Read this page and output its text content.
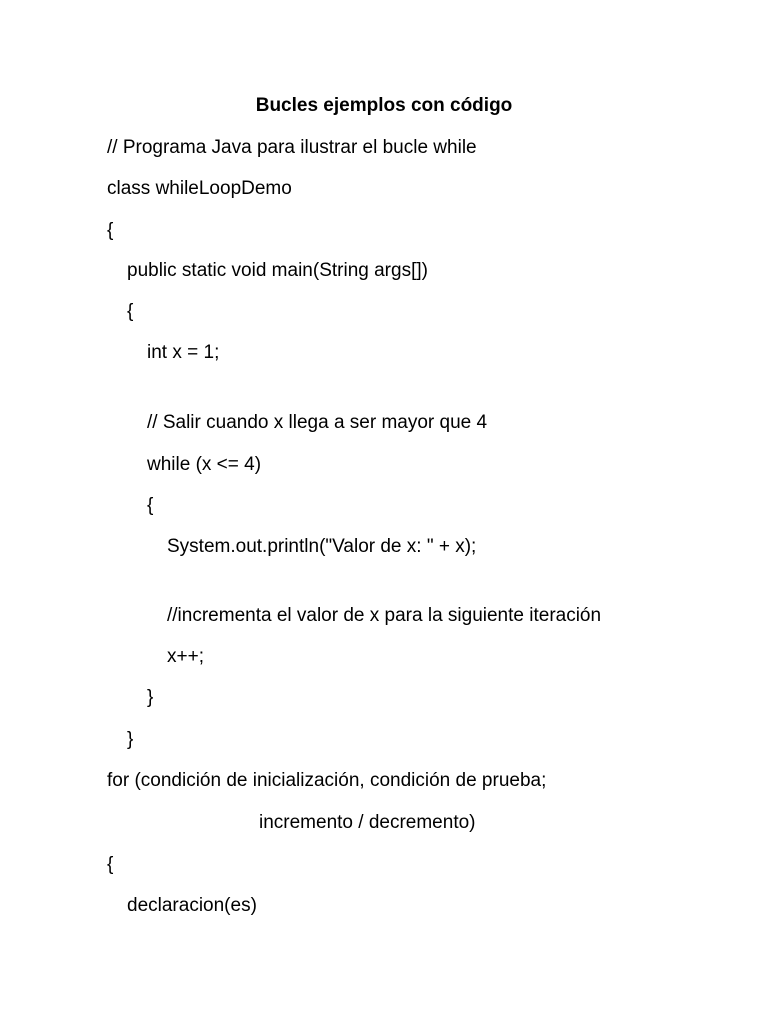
Bucles ejemplos con código
// Programa Java para ilustrar el bucle while
class whileLoopDemo
{
public static void main(String args[])
{
int x = 1;
// Salir cuando x llega a ser mayor que 4
while (x <= 4)
{
System.out.println("Valor de x: " + x);
//incrementa el valor de x para la siguiente iteración
x++;
}
}
for (condición de inicialización, condición de prueba;
incremento / decremento)
{
declaracion(es)
